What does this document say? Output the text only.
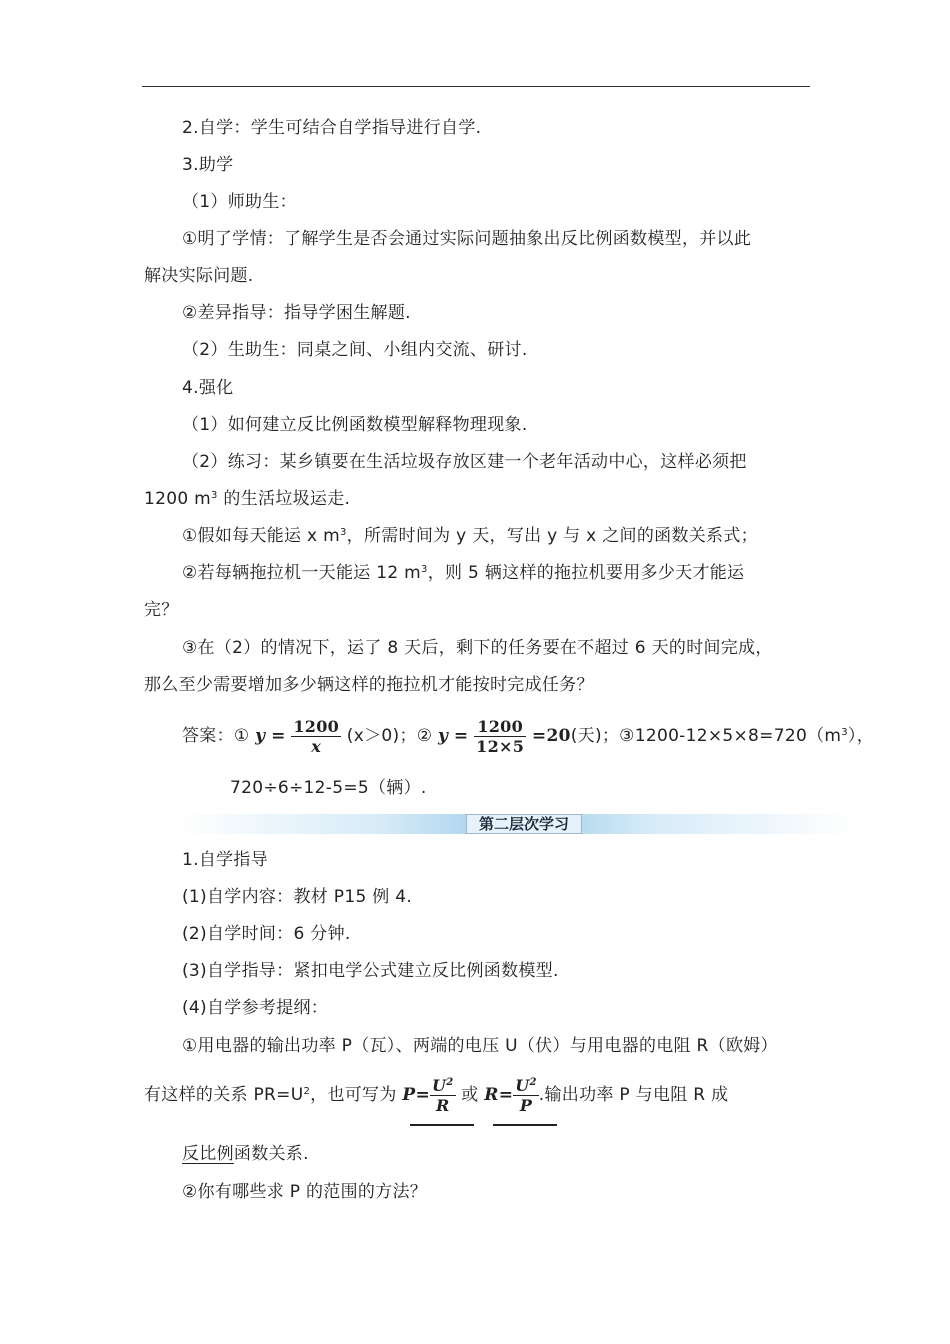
2.自学：学生可结合自学指导进行自学.
3.助学
（1）师助生：
①明了学情：了解学生是否会通过实际问题抽象出反比例函数模型，并以此
解决实际问题.
②差异指导：指导学困生解题.
（2）生助生：同桌之间、小组内交流、研讨.
4.强化
（1）如何建立反比例函数模型解释物理现象.
（2）练习：某乡镇要在生活垃圾存放区建一个老年活动中心，这样必须把
1200 $m^3$ 的生活垃圾运走.
①假如每天能运 x $m^3$，所需时间为 y 天，写出 y 与 x 之间的函数关系式；
②若每辆拖拉机一天能运 12 $m^3$，则 5 辆这样的拖拉机要用多少天才能运
完？
③在（2）的情况下，运了 8 天后，剩下的任务要在不超过 6 天的时间完成，
那么至少需要增加多少辆这样的拖拉机才能按时完成任务？
答案：① $y = \frac{1200}{x} (x>0)$；② $y = \frac{1200}{12\times 5} =20$(天)；$③1200-12\times 5\times 8=720(m^3)$，
720÷6÷12-5=5（辆）.
第二层次学习
1.自学指导
(1)自学内容：教材 P15 例 4.
(2)自学时间：6 分钟.
(3)自学指导：紧扣电学公式建立反比例函数模型.
(4)自学参考提纲：
①用电器的输出功率 P（瓦）、两端的电压 U（伏）与用电器的电阻 R（欧姆）
有这样的关系 $PR=U^2$，也可写为 $P= \frac{U^2}{R}$ 或 $R= \frac{U^2}{P}$ .输出功率 P 与电阻 R 成
反比例函数关系.
②你有哪些求 P 的范围的方法？
